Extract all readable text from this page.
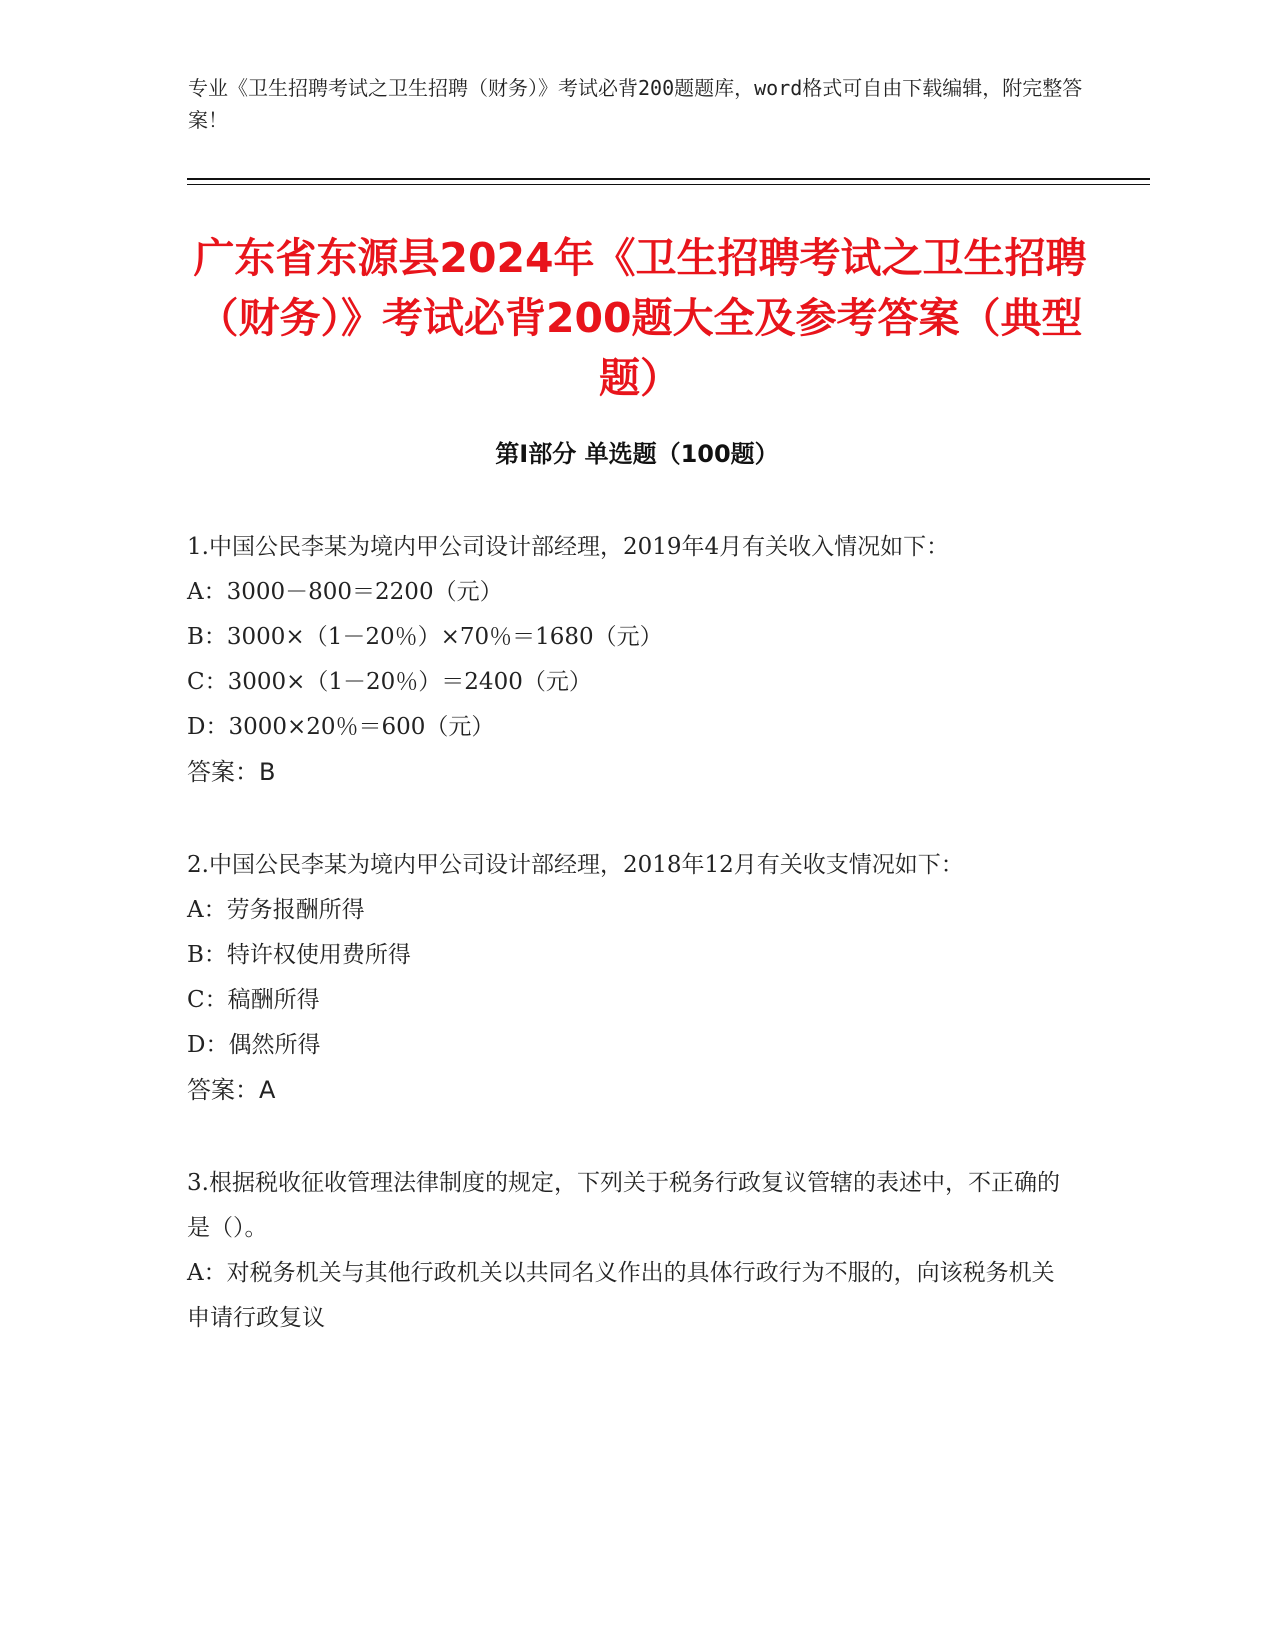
专业《卫生招聘考试之卫生招聘（财务）》考试必背200题题库，word格式可自由下载编辑，附完整答案！
广东省东源县2024年《卫生招聘考试之卫生招聘（财务）》考试必背200题大全及参考答案（典型题）
第I部分 单选题（100题）

1.中国公民李某为境内甲公司设计部经理，2019年4月有关收入情况如下：

A：3000－800＝2200（元）

B：3000×（1－20％）×70％＝1680（元）

C：3000×（1－20％）＝2400（元）

D：3000×20％＝600（元）

答案：B

2.中国公民李某为境内甲公司设计部经理，2018年12月有关收支情况如下：

A：劳务报酬所得

B：特许权使用费所得

C：稿酬所得

D：偶然所得

答案：A

3.根据税收征收管理法律制度的规定，下列关于税务行政复议管辖的表述中，不正确的是（）。

A：对税务机关与其他行政机关以共同名义作出的具体行政行为不服的，向该税务机关申请行政复议
